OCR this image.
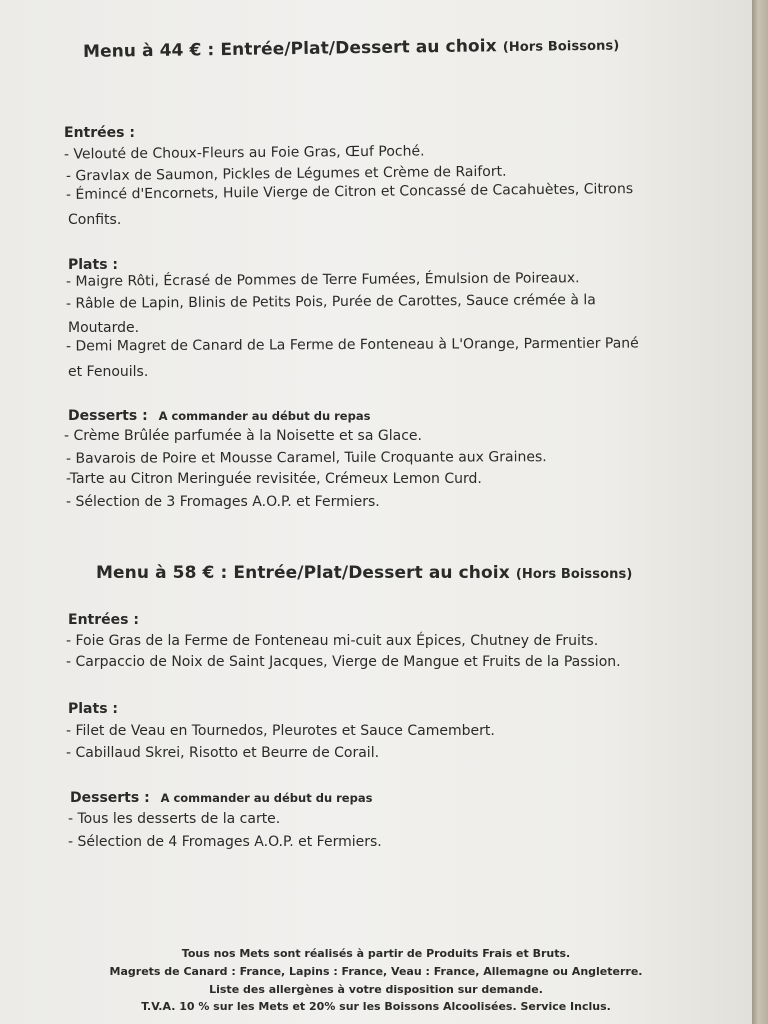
Menu à 44 € : Entrée/Plat/Dessert au choix (Hors Boissons)
Entrées :
- Velouté de Choux-Fleurs au Foie Gras, Œuf Poché.
- Gravlax de Saumon, Pickles de Légumes et Crème de Raifort.
- Émincé d'Encornets, Huile Vierge de Citron et Concassé de Cacahuètes, Citrons
Confits.
Plats :
- Maigre Rôti, Écrasé de Pommes de Terre Fumées, Émulsion de Poireaux.
- Râble de Lapin, Blinis de Petits Pois, Purée de Carottes, Sauce crémée à la
Moutarde.
- Demi Magret de Canard de La Ferme de Fonteneau à L'Orange, Parmentier Pané
et Fenouils.
Desserts : A commander au début du repas
- Crème Brûlée parfumée à la Noisette et sa Glace.
- Bavarois de Poire et Mousse Caramel, Tuile Croquante aux Graines.
-Tarte au Citron Meringuée revisitée, Crémeux Lemon Curd.
- Sélection de 3 Fromages A.O.P. et Fermiers.
Menu à 58 € : Entrée/Plat/Dessert au choix (Hors Boissons)
Entrées :
- Foie Gras de la Ferme de Fonteneau mi-cuit aux Épices, Chutney de Fruits.
- Carpaccio de Noix de Saint Jacques, Vierge de Mangue et Fruits de la Passion.
Plats :
- Filet de Veau en Tournedos, Pleurotes et Sauce Camembert.
- Cabillaud Skrei, Risotto et Beurre de Corail.
Desserts : A commander au début du repas
- Tous les desserts de la carte.
- Sélection de 4 Fromages A.O.P. et Fermiers.
Tous nos Mets sont réalisés à partir de Produits Frais et Bruts.
Magrets de Canard : France, Lapins : France, Veau : France, Allemagne ou Angleterre.
Liste des allergènes à votre disposition sur demande.
T.V.A. 10 % sur les Mets et 20% sur les Boissons Alcoolisées. Service Inclus.
